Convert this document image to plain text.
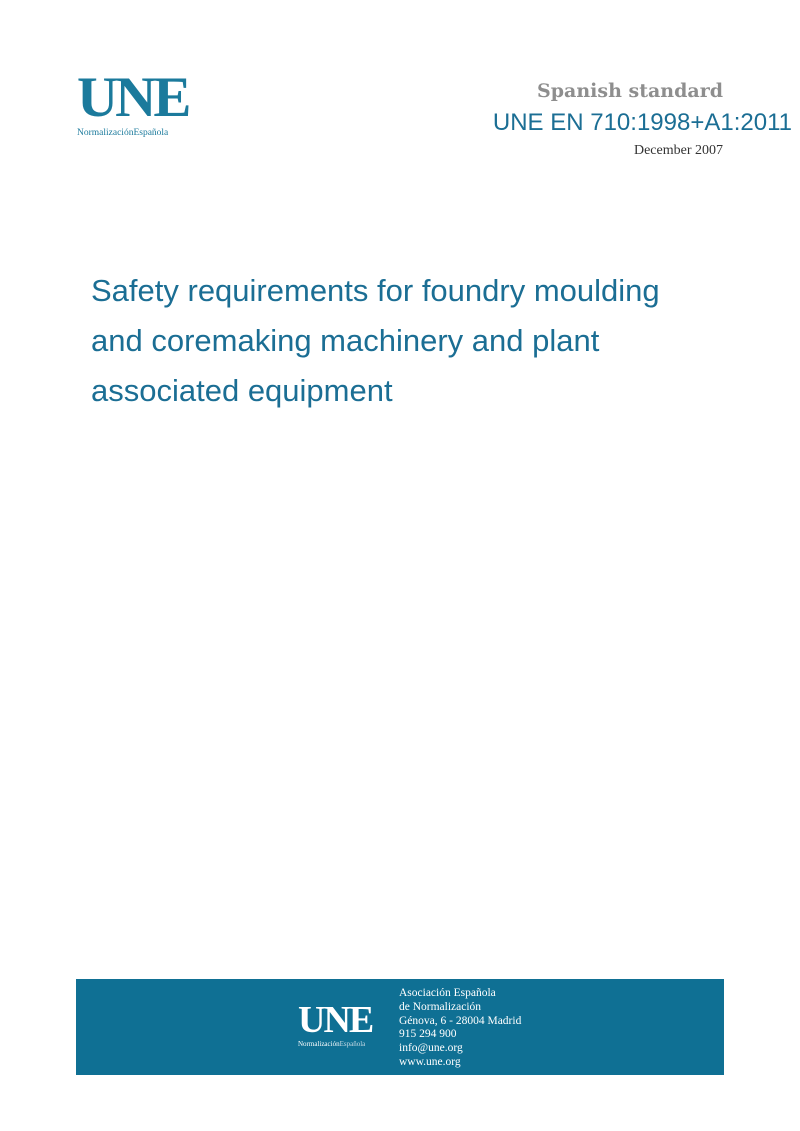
UNE
NormalizaciónEspañola
Spanish standard
UNE EN 710:1998+A1:2011
December 2007
Safety requirements for foundry moulding
and coremaking machinery and plant
associated equipment
UNE
NormalizaciónEspañola
Asociación Española
de Normalización
Génova, 6 - 28004 Madrid
915 294 900
info@une.org
www.une.org
